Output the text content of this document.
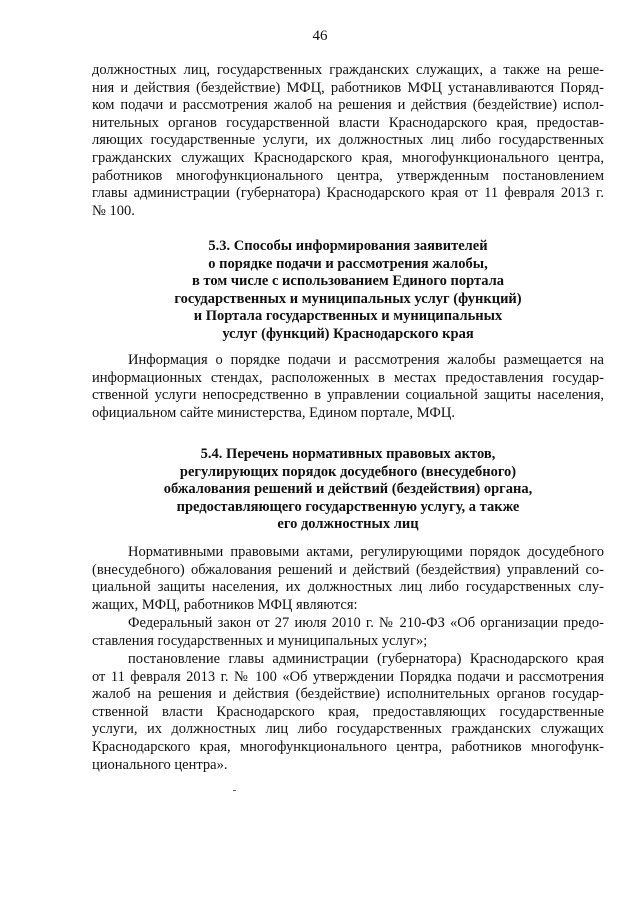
46
должностных лиц, государственных гражданских служащих, а также на реше-
ния и действия (бездействие) МФЦ, работников МФЦ устанавливаются Поряд-
ком подачи и рассмотрения жалоб на решения и действия (бездействие) испол-
нительных органов государственной власти Краснодарского края, предостав-
ляющих государственные услуги, их должностных лиц либо государственных
гражданских служащих Краснодарского края, многофункционального центра,
работников многофункционального центра, утвержденным постановлением
главы администрации (губернатора) Краснодарского края от 11 февраля 2013 г.
№ 100.
5.3. Способы информирования заявителей
о порядке подачи и рассмотрения жалобы,
в том числе с использованием Единого портала
государственных и муниципальных услуг (функций)
и Портала государственных и муниципальных
услуг (функций) Краснодарского края
Информация о порядке подачи и рассмотрения жалобы размещается на
информационных стендах, расположенных в местах предоставления государ-
ственной услуги непосредственно в управлении социальной защиты населения,
официальном сайте министерства, Едином портале, МФЦ.
5.4. Перечень нормативных правовых актов,
регулирующих порядок досудебного (внесудебного)
обжалования решений и действий (бездействия) органа,
предоставляющего государственную услугу, а также
его должностных лиц
Нормативными правовыми актами, регулирующими порядок досудебного
(внесудебного) обжалования решений и действий (бездействия) управлений со-
циальной защиты населения, их должностных лиц либо государственных слу-
жащих, МФЦ, работников МФЦ являются:
Федеральный закон от 27 июля 2010 г. № 210-ФЗ «Об организации предо-
ставления государственных и муниципальных услуг»;
постановление главы администрации (губернатора) Краснодарского края
от 11 февраля 2013 г. № 100 «Об утверждении Порядка подачи и рассмотрения
жалоб на решения и действия (бездействие) исполнительных органов государ-
ственной власти Краснодарского края, предоставляющих государственные
услуги, их должностных лиц либо государственных гражданских служащих
Краснодарского края, многофункционального центра, работников многофунк-
ционального центра».
